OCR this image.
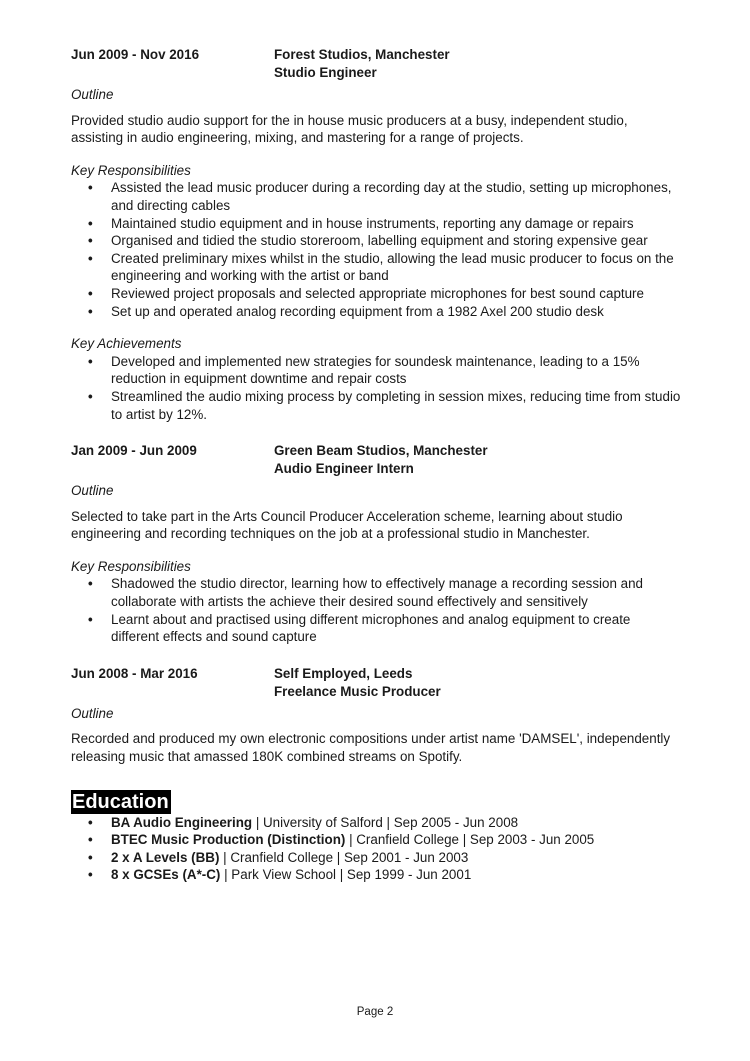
Jun 2009 - Nov 2016	Forest Studios, Manchester
Studio Engineer
Outline
Provided studio audio support for the in house music producers at a busy, independent studio, assisting in audio engineering, mixing, and mastering for a range of projects.
Key Responsibilities
• Assisted the lead music producer during a recording day at the studio, setting up microphones, and directing cables
• Maintained studio equipment and in house instruments, reporting any damage or repairs
• Organised and tidied the studio storeroom, labelling equipment and storing expensive gear
• Created preliminary mixes whilst in the studio, allowing the lead music producer to focus on the engineering and working with the artist or band
• Reviewed project proposals and selected appropriate microphones for best sound capture
• Set up and operated analog recording equipment from a 1982 Axel 200 studio desk
Key Achievements
• Developed and implemented new strategies for soundesk maintenance, leading to a 15% reduction in equipment downtime and repair costs
• Streamlined the audio mixing process by completing in session mixes, reducing time from studio to artist by 12%.
Jan 2009 - Jun 2009	Green Beam Studios, Manchester
Audio Engineer Intern
Outline
Selected to take part in the Arts Council Producer Acceleration scheme, learning about studio engineering and recording techniques on the job at a professional studio in Manchester.
Key Responsibilities
• Shadowed the studio director, learning how to effectively manage a recording session and collaborate with artists the achieve their desired sound effectively and sensitively
• Learnt about and practised using different microphones and analog equipment to create different effects and sound capture
Jun 2008 - Mar 2016	Self Employed, Leeds
Freelance Music Producer
Outline
Recorded and produced my own electronic compositions under artist name 'DAMSEL', independently releasing music that amassed 180K combined streams on Spotify.
Education
• BA Audio Engineering | University of Salford | Sep 2005 - Jun 2008
• BTEC Music Production (Distinction) | Cranfield College | Sep 2003 - Jun 2005
• 2 x A Levels (BB) | Cranfield College | Sep 2001 - Jun 2003
• 8 x GCSEs (A*-C) | Park View School | Sep 1999 - Jun 2001
Page 2
